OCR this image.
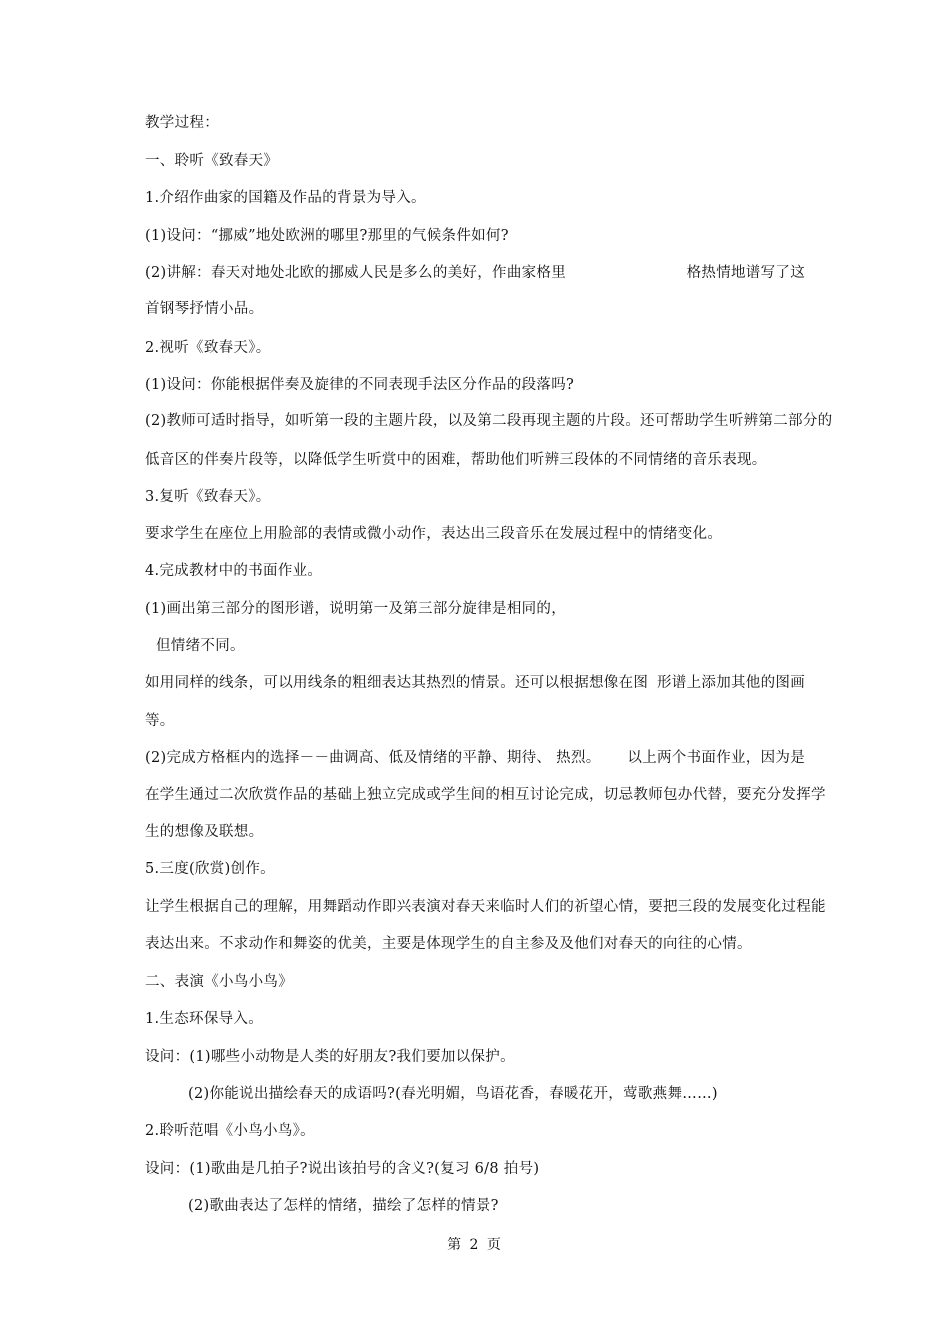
教学过程：
一、聆听《致春天》
1.介绍作曲家的国籍及作品的背景为导入。
(1)设问：“挪威”地处欧洲的哪里?那里的气候条件如何?
(2)讲解：春天对地处北欧的挪威人民是多么的美好，作曲家格里	格热情地谱写了这
首钢琴抒情小品。
2.视听《致春天》。
(1)设问：你能根据伴奏及旋律的不同表现手法区分作品的段落吗?
(2)教师可适时指导，如听第一段的主题片段，以及第二段再现主题的片段。还可帮助学生听辨第二部分的
低音区的伴奏片段等，以降低学生听赏中的困难，帮助他们听辨三段体的不同情绪的音乐表现。
3.复听《致春天》。
要求学生在座位上用脸部的表情或微小动作，表达出三段音乐在发展过程中的情绪变化。
4.完成教材中的书面作业。
(1)画出第三部分的图形谱，说明第一及第三部分旋律是相同的，
但情绪不同。
如用同样的线条，可以用线条的粗细表达其热烈的情景。还可以根据想像在图 形谱上添加其他的图画
等。
(2)完成方格框内的选择－－曲调高、低及情绪的平静、期待、 热烈。 以上两个书面作业，因为是
在学生通过二次欣赏作品的基础上独立完成或学生间的相互讨论完成，切忌教师包办代替，要充分发挥学
生的想像及联想。
5.三度(欣赏)创作。
让学生根据自己的理解，用舞蹈动作即兴表演对春天来临时人们的祈望心情，要把三段的发展变化过程能
表达出来。不求动作和舞姿的优美，主要是体现学生的自主参及及他们对春天的向往的心情。
二、表演《小鸟小鸟》
1.生态环保导入。
设问：(1)哪些小动物是人类的好朋友?我们要加以保护。
(2)你能说出描绘春天的成语吗?(春光明媚，鸟语花香，春暖花开，莺歌燕舞……)
2.聆听范唱《小鸟小鸟》。
设问：(1)歌曲是几拍子?说出该拍号的含义?(复习 6/8 拍号)
(2)歌曲表达了怎样的情绪，描绘了怎样的情景?
第 2 页
